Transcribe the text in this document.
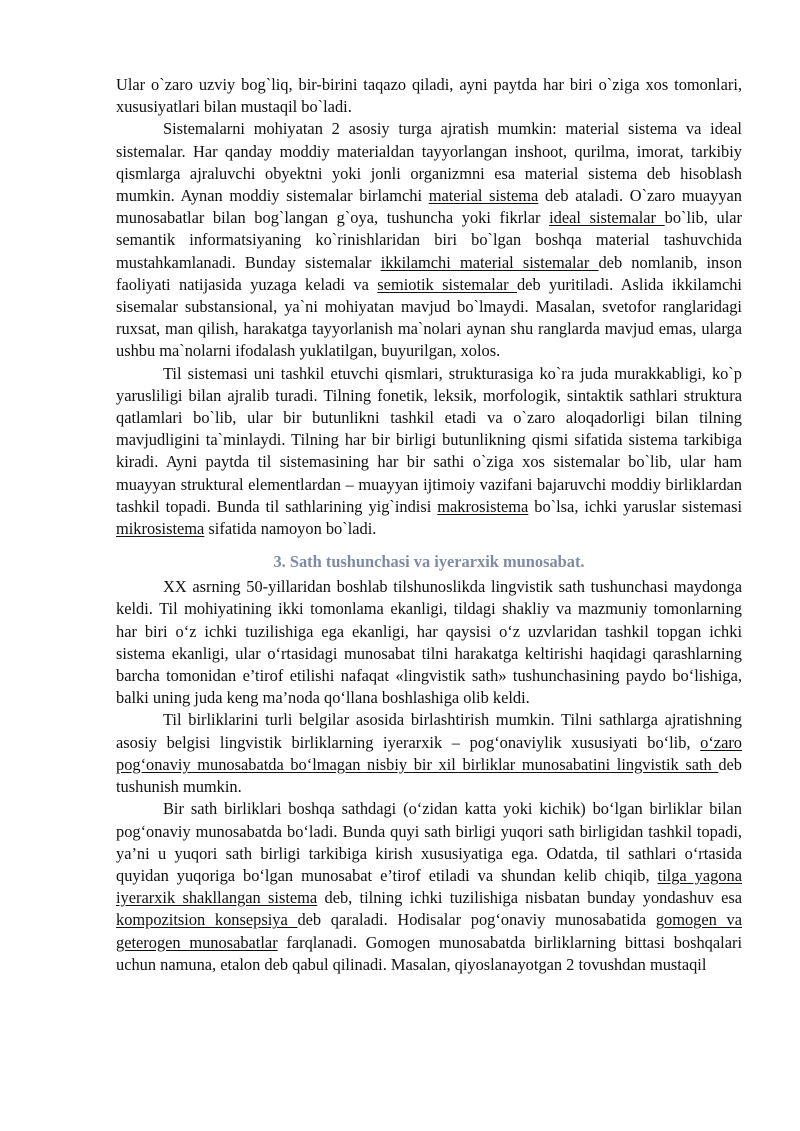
Ular o`zaro uzviy bog`liq, bir-birini taqazo qiladi, ayni paytda har biri o`ziga xos tomonlari, xususiyatlari bilan mustaqil bo`ladi.

Sistemalarni mohiyatan 2 asosiy turga ajratish mumkin: material sistema va ideal sistemalar. Har qanday moddiy materialdan tayyorlangan inshoot, qurilma, imorat, tarkibiy qismlarga ajraluvchi obyektni yoki jonli organizmni esa material sistema deb hisoblash mumkin. Aynan moddiy sistemalar birlamchi material sistema deb ataladi. O`zaro muayyan munosabatlar bilan bog`langan g`oya, tushuncha yoki fikrlar ideal sistemalar bo`lib, ular semantik informatsiyaning ko`rinishlaridan biri bo`lgan boshqa material tashuvchida mustahkamlanadi. Bunday sistemalar ikkilamchi material sistemalar deb nomlanib, inson faoliyati natijasida yuzaga keladi va semiotik sistemalar deb yuritiladi. Aslida ikkilamchi sisemalar substansional, ya`ni mohiyatan mavjud bo`lmaydi. Masalan, svetofor ranglaridagi ruxsat, man qilish, harakatga tayyorlanish ma`nolari aynan shu ranglarda mavjud emas, ularga ushbu ma`nolarni ifodalash yuklatilgan, buyurilgan, xolos.

Til sistemasi uni tashkil etuvchi qismlari, strukturasiga ko`ra juda murakkabligi, ko`p yarusliligi bilan ajralib turadi. Tilning fonetik, leksik, morfologik, sintaktik sathlari struktura qatlamlari bo`lib, ular bir butunlikni tashkil etadi va o`zaro aloqadorligi bilan tilning mavjudligini ta`minlaydi. Tilning har bir birligi butunlikning qismi sifatida sistema tarkibiga kiradi. Ayni paytda til sistemasining har bir sathi o`ziga xos sistemalar bo`lib, ular ham muayyan struktural elementlardan – muayyan ijtimoiy vazifani bajaruvchi moddiy birliklardan tashkil topadi. Bunda til sathlarining yig`indisi makrosistema bo`lsa, ichki yaruslar sistemasi mikrosistema sifatida namoyon bo`ladi.

3. Sath tushunchasi va iyerarxik munosabat.

XX asrning 50-yillaridan boshlab tilshunoslikda lingvistik sath tushunchasi maydonga keldi. Til mohiyatining ikki tomonlama ekanligi, tildagi shakliy va mazmuniy tomonlarning har biri o‘z ichki tuzilishiga ega ekanligi, har qaysisi o‘z uzvlaridan tashkil topgan ichki sistema ekanligi, ular o‘rtasidagi munosabat tilni harakatga keltirishi haqidagi qarashlarning barcha tomonidan e’tirof etilishi nafaqat «lingvistik sath» tushunchasining paydo bo‘lishiga, balki uning juda keng ma’noda qo‘llana boshlashiga olib keldi.

Til birliklarini turli belgilar asosida birlashtirish mumkin. Tilni sathlarga ajratishning asosiy belgisi lingvistik birliklarning iyerarxik – pog‘onaviylik xususiyati bo‘lib, o‘zaro pog‘onaviy munosabatda bo‘lmagan nisbiy bir xil birliklar munosabatini lingvistik sath deb tushunish mumkin.

Bir sath birliklari boshqa sathdagi (o‘zidan katta yoki kichik) bo‘lgan birliklar bilan pog‘onaviy munosabatda bo‘ladi. Bunda quyi sath birligi yuqori sath birligidan tashkil topadi, ya’ni u yuqori sath birligi tarkibiga kirish xususiyatiga ega. Odatda, til sathlari o‘rtasida quyidan yuqoriga bo‘lgan munosabat e’tirof etiladi va shundan kelib chiqib, tilga yagona iyerarxik shakllangan sistema deb, tilning ichki tuzilishiga nisbatan bunday yondashuv esa kompozitsion konsepsiya deb qaraladi. Hodisalar pog‘onaviy munosabatida gomogen va geterogen munosabatlar farqlanadi. Gomogen munosabatda birliklarning bittasi boshqalari uchun namuna, etalon deb qabul qilinadi. Masalan, qiyoslanayotgan 2 tovushdan mustaqil
